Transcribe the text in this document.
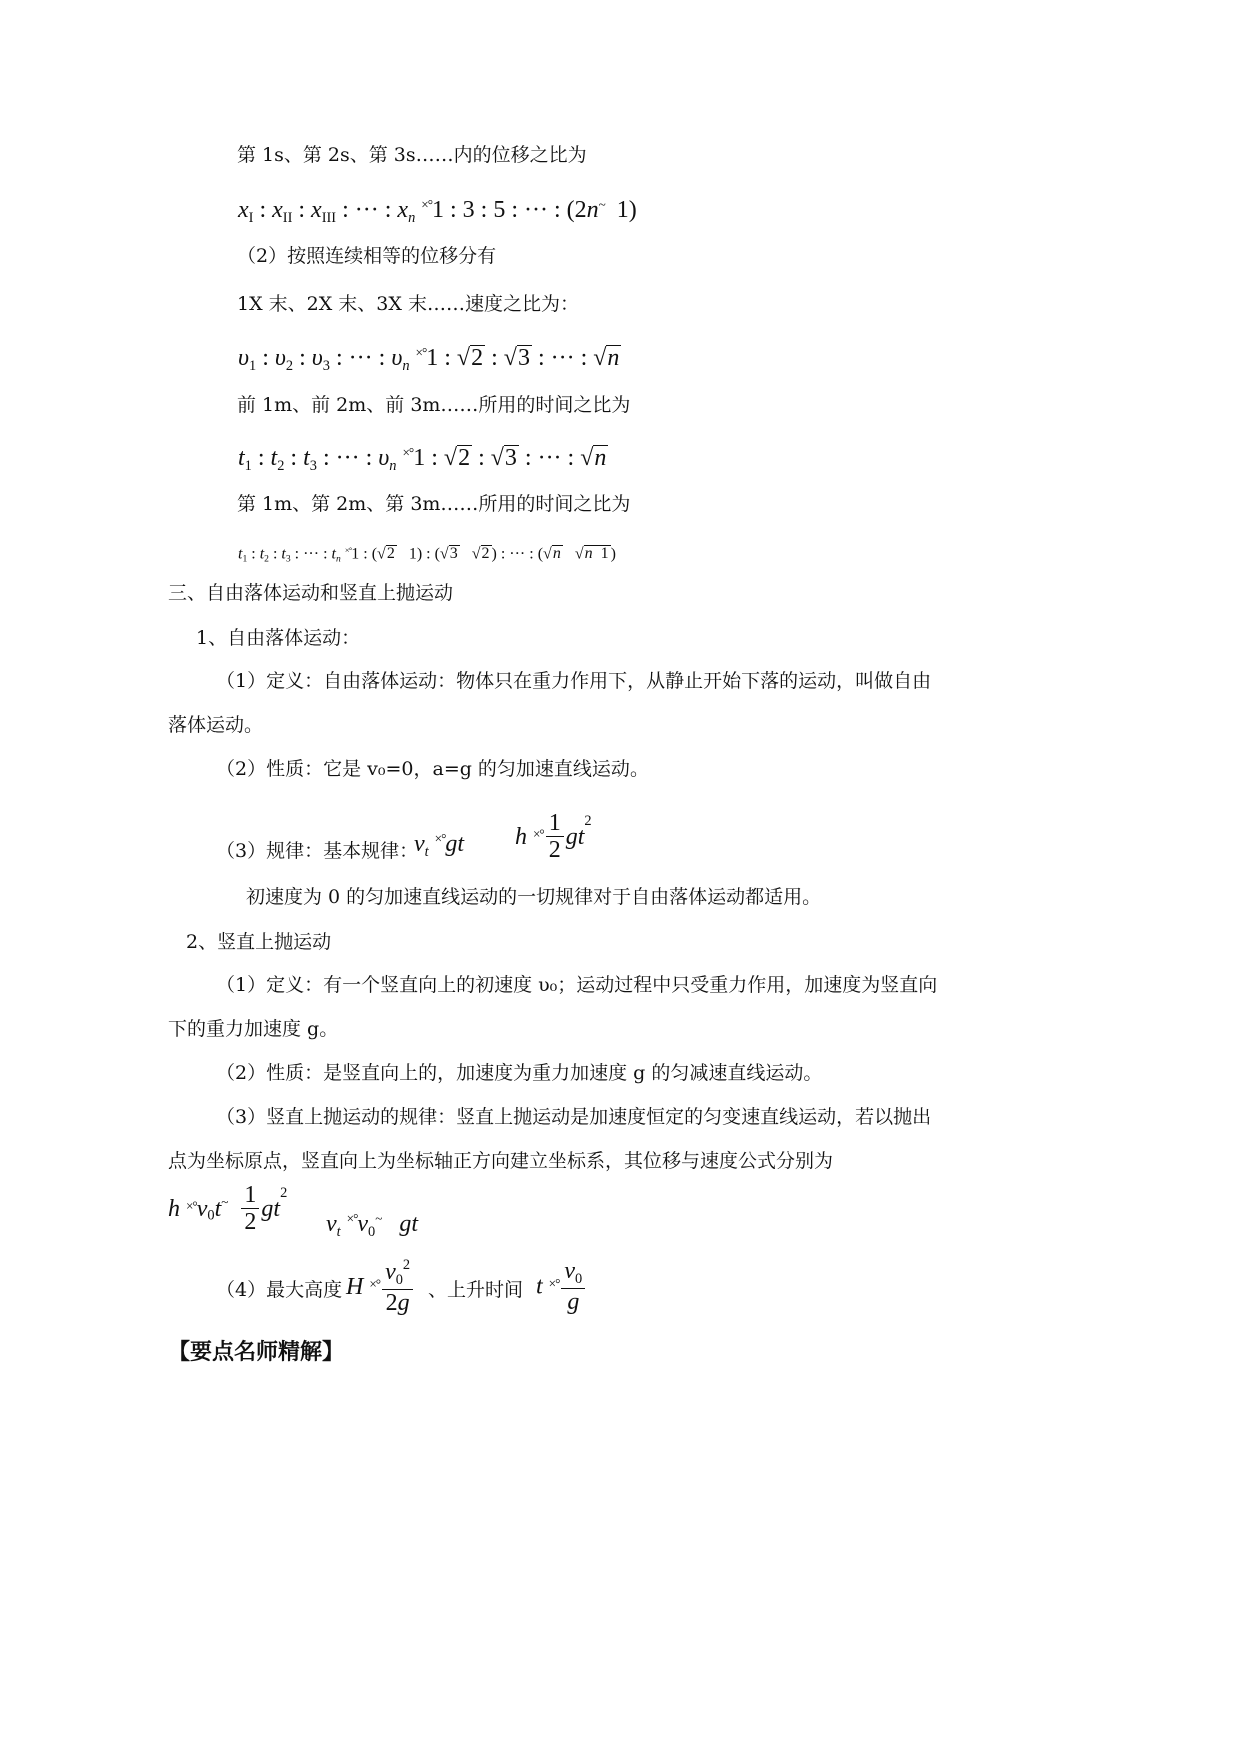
第 1s、第 2s、第 3s……内的位移之比为
$x_I$ : $x_{II}$ : $x_{III}$ : ··· : $x_n$ ×°1 : 3 : 5 : ··· : (2n~  1)
（2）按照连续相等的位移分有
1X 末、2X 末、3X 末……速度之比为：
$\upsilon_1$ : $\upsilon_2$ : $\upsilon_3$ : ··· : $\upsilon_n$ ×°1 : √2 : √3 : ··· : √n
前 1m、前 2m、前 3m……所用的时间之比为
$t_1$ : $t_2$ : $t_3$ : ··· : $\upsilon_n$ ×°1 : √2 : √3 : ··· : √n
第 1m、第 2m、第 3m……所用的时间之比为
$t_1$ : $t_2$ : $t_3$ : ··· : $t_n$ ×°1 : (√2   1) : (√3   √2 ) : ··· : (√n   √n  1 )
三、自由落体运动和竖直上抛运动
1、自由落体运动：
（1）定义：自由落体运动：物体只在重力作用下，从静止开始下落的运动，叫做自由
落体运动。
（2）性质：它是 v₀=0，a=g 的匀加速直线运动。
（3）规律：基本规律：
$v_t$ ×°gt h ×° $\frac{1}{2} gt^2$
初速度为 0 的匀加速直线运动的一切规律对于自由落体运动都适用。
2、竖直上抛运动
（1）定义：有一个竖直向上的初速度 υ₀；运动过程中只受重力作用，加速度为竖直向
下的重力加速度 g。
（2）性质：是竖直向上的，加速度为重力加速度 g 的匀减速直线运动。
（3）竖直上抛运动的规律：竖直上抛运动是加速度恒定的匀变速直线运动，若以抛出
点为坐标原点，竖直向上为坐标轴正方向建立坐标系，其位移与速度公式分别为
$h \times^\circ v_0t^\sim \frac{1}{2} gt^2$
$v_t$ $^{\times^\circ}v_0^\sim$ gt
（4）最大高度 H ×° $\frac{v_0^2}{2g}$ 、上升时间 t ×° $\frac{v_0}{g}$
【要点名师精解】
